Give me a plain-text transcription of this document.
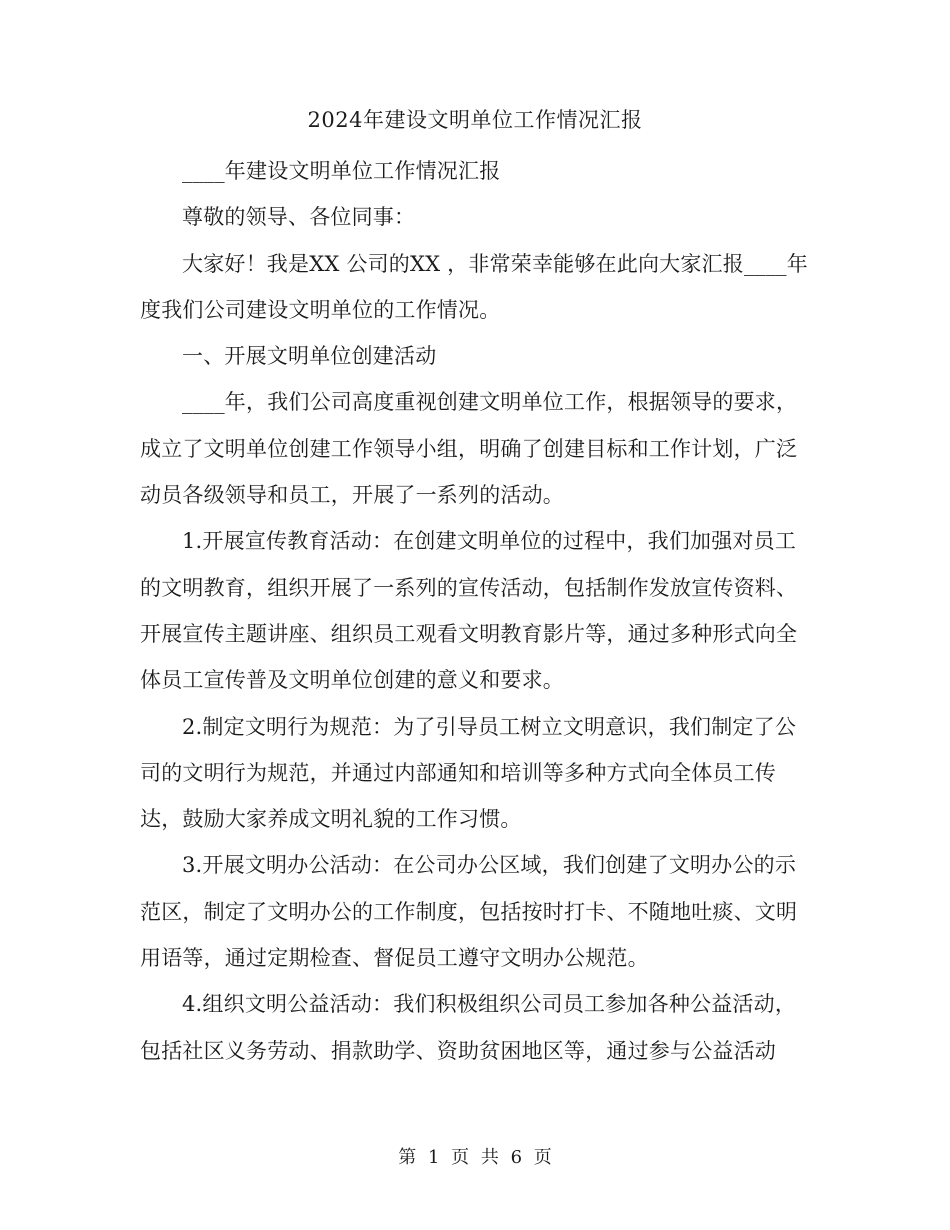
2024年建设文明单位工作情况汇报

____年建设文明单位工作情况汇报

尊敬的领导、各位同事：

大家好！我是XX 公司的XX ，非常荣幸能够在此向大家汇报____年度我们公司建设文明单位的工作情况。

一、开展文明单位创建活动

____年，我们公司高度重视创建文明单位工作，根据领导的要求，成立了文明单位创建工作领导小组，明确了创建目标和工作计划，广泛动员各级领导和员工，开展了一系列的活动。

1.开展宣传教育活动：在创建文明单位的过程中，我们加强对员工的文明教育，组织开展了一系列的宣传活动，包括制作发放宣传资料、开展宣传主题讲座、组织员工观看文明教育影片等，通过多种形式向全体员工宣传普及文明单位创建的意义和要求。

2.制定文明行为规范：为了引导员工树立文明意识，我们制定了公司的文明行为规范，并通过内部通知和培训等多种方式向全体员工传达，鼓励大家养成文明礼貌的工作习惯。

3.开展文明办公活动：在公司办公区域，我们创建了文明办公的示范区，制定了文明办公的工作制度，包括按时打卡、不随地吐痰、文明用语等，通过定期检查、督促员工遵守文明办公规范。

4.组织文明公益活动：我们积极组织公司员工参加各种公益活动，包括社区义务劳动、捐款助学、资助贫困地区等，通过参与公益活动

第 1 页 共 6 页
